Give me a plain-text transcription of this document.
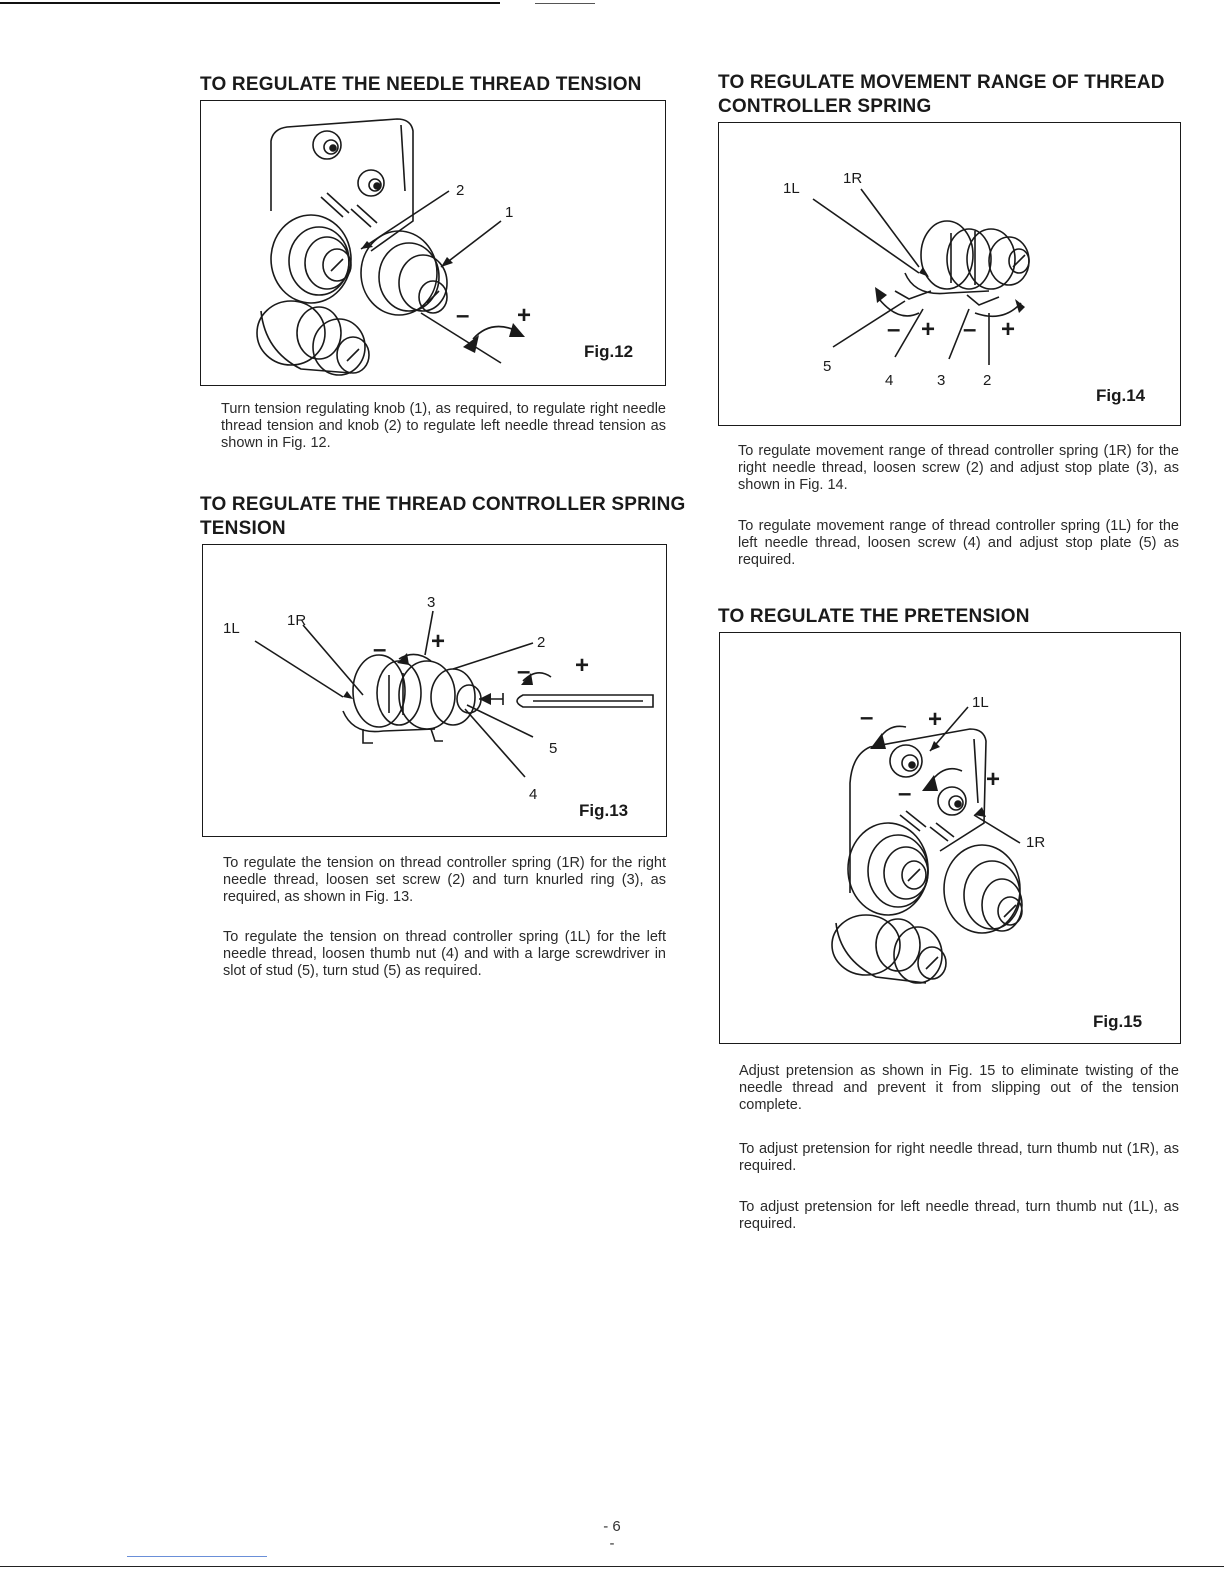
TO REGULATE THE NEEDLE THREAD TENSION
2
1
– +
Fig.12

Turn tension regulating knob (1), as required, to regulate right needle thread tension and knob (2) to regulate left needle thread tension as shown in Fig. 12.

TO REGULATE THE THREAD CONTROLLER SPRING
TENSION
1L	1R
3
2
5
4
– +
– +
Fig.13

To regulate the tension on thread controller spring (1R) for the right needle thread, loosen set screw (2) and turn knurled ring (3), as required, as shown in Fig. 13.

To regulate the tension on thread controller spring (1L) for the left needle thread, loosen thumb nut (4) and with a large screwdriver in slot of stud (5), turn stud (5) as required.

TO REGULATE MOVEMENT RANGE OF THREAD
CONTROLLER SPRING
1L
1R
5
4	3	2
– + – +
Fig.14

To regulate movement range of thread controller spring (1R) for the right needle thread, loosen screw (2) and adjust stop plate (3), as shown in Fig. 14.

To regulate movement range of thread controller spring (1L) for the left needle thread, loosen screw (4) and adjust stop plate (5) as required.

TO REGULATE THE PRETENSION
1L
1R
– +
–
+
Fig.15

Adjust pretension as shown in Fig. 15 to eliminate twisting of the needle thread and prevent it from slipping out of the tension complete.

To adjust pretension for right needle thread, turn thumb nut (1R), as required.

To adjust pretension for left needle thread, turn thumb nut (1L), as required.

- 6 -
